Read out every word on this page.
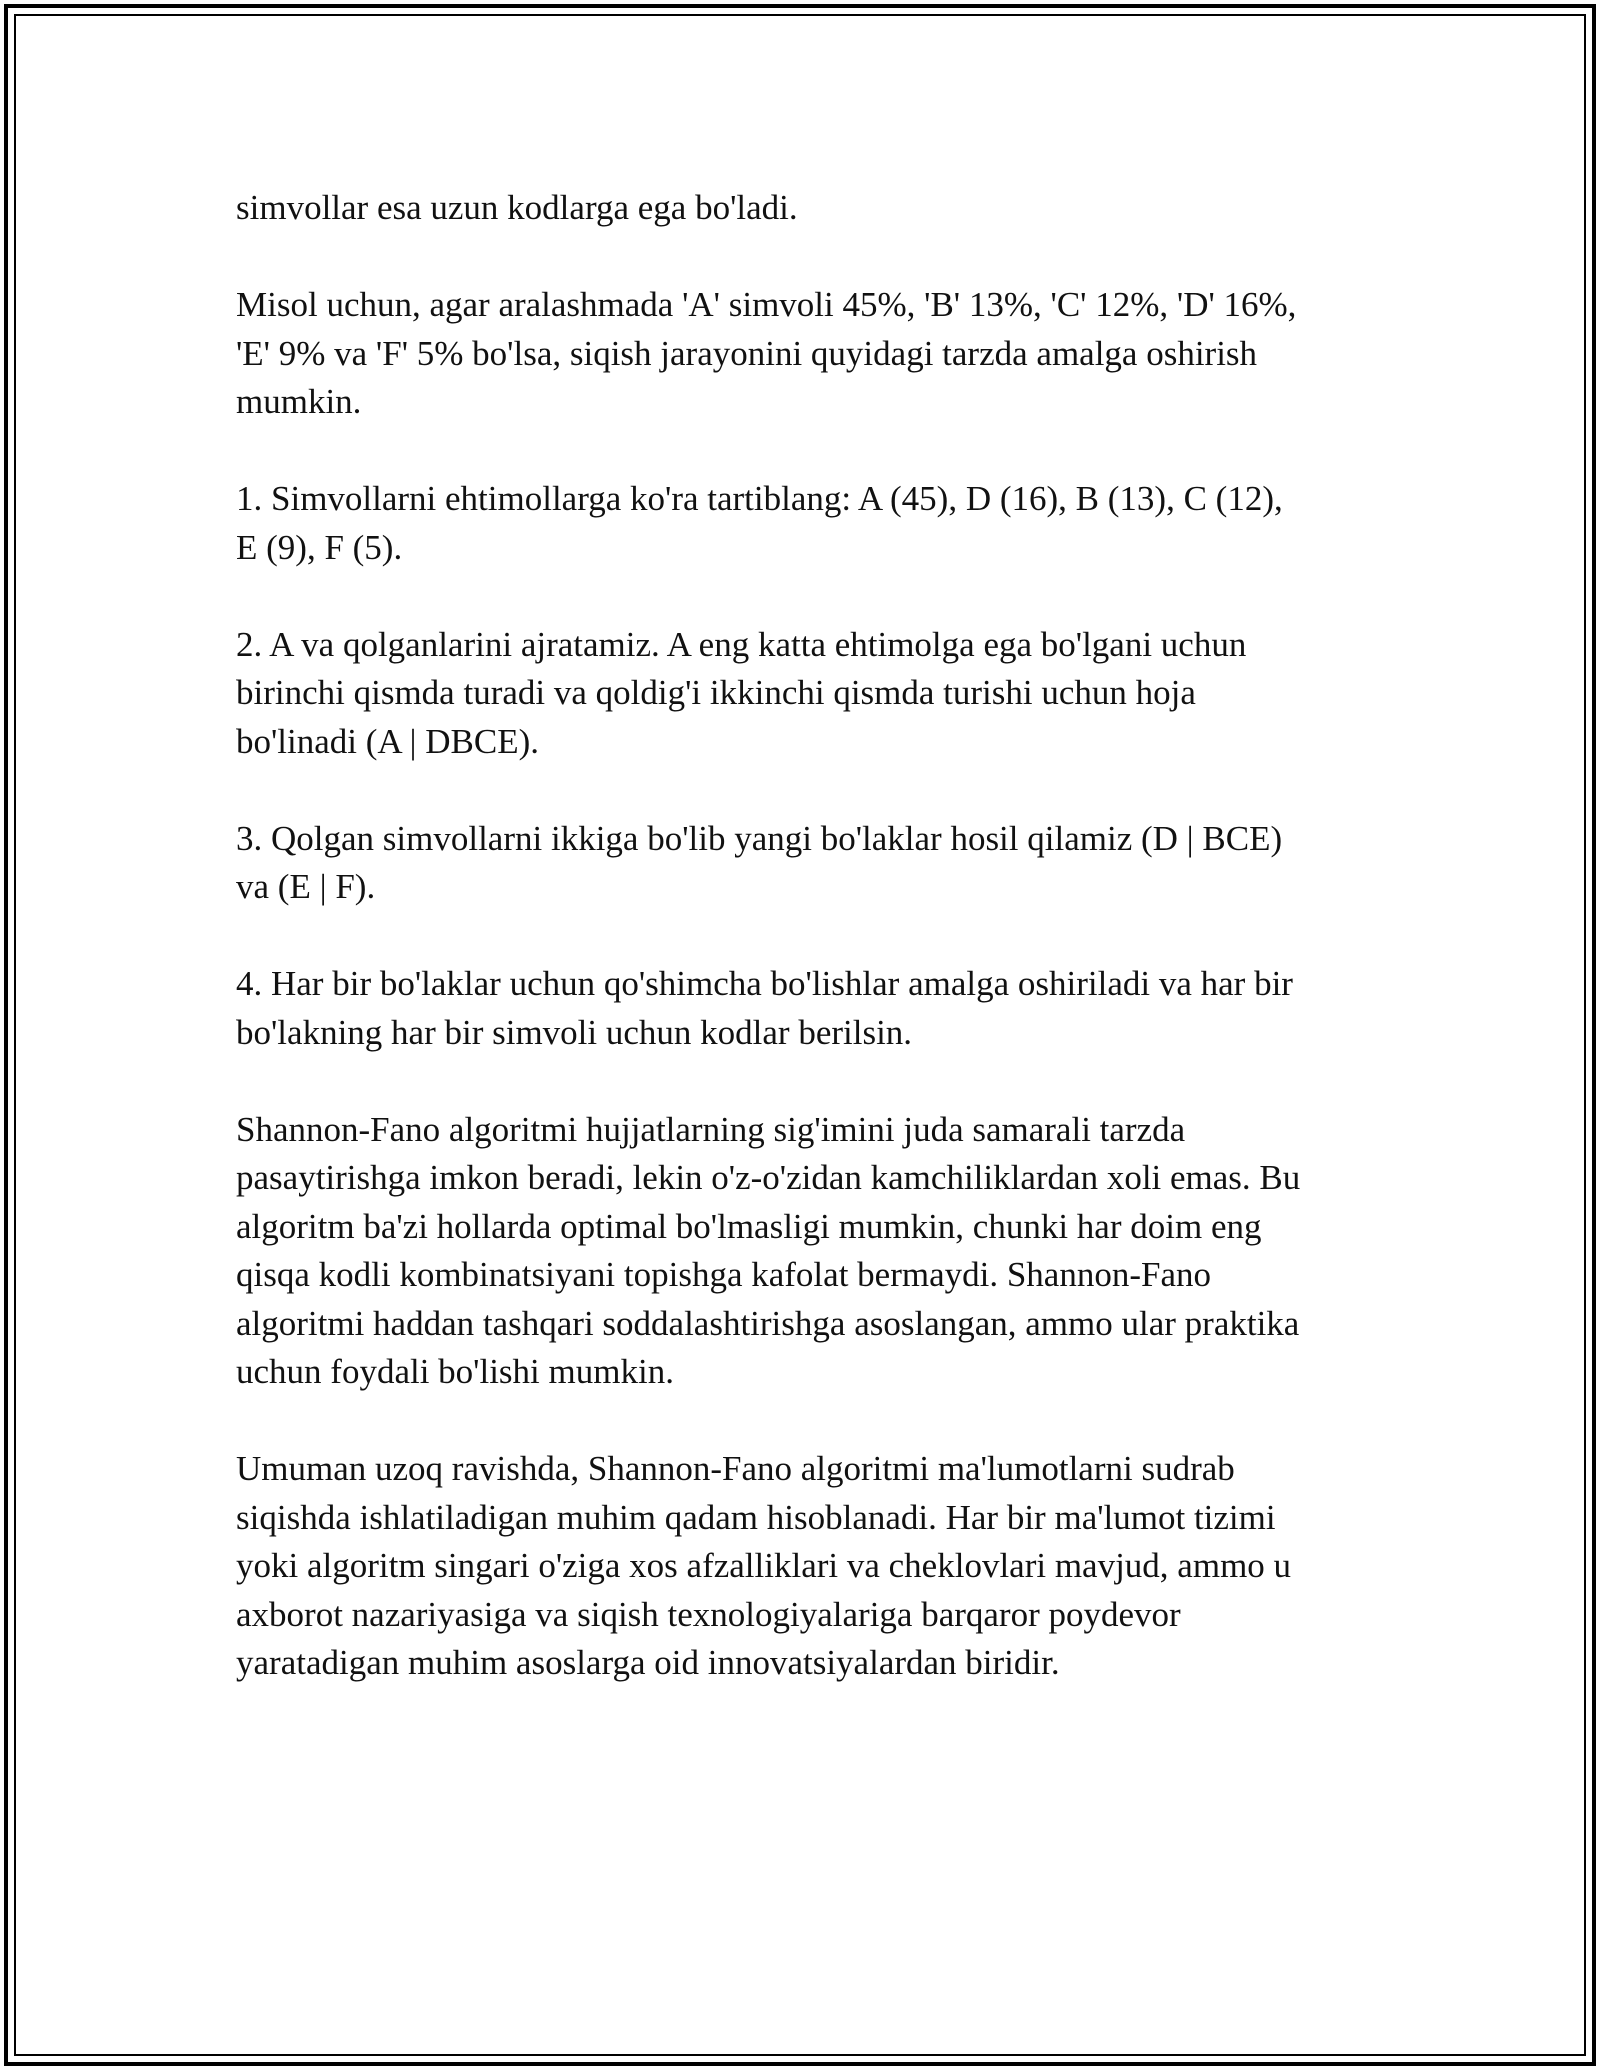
simvollar esa uzun kodlarga ega bo'ladi.

Misol uchun, agar aralashmada 'A' simvoli 45%, 'B' 13%, 'C' 12%, 'D' 16%,
'E' 9% va 'F' 5% bo'lsa, siqish jarayonini quyidagi tarzda amalga oshirish
mumkin.

1. Simvollarni ehtimollarga ko'ra tartiblang: A (45), D (16), B (13), C (12),
E (9), F (5).

2. A va qolganlarini ajratamiz. A eng katta ehtimolga ega bo'lgani uchun
birinchi qismda turadi va qoldig'i ikkinchi qismda turishi uchun hoja
bo'linadi (A | DBCE).

3. Qolgan simvollarni ikkiga bo'lib yangi bo'laklar hosil qilamiz (D | BCE)
va (E | F).

4. Har bir bo'laklar uchun qo'shimcha bo'lishlar amalga oshiriladi va har bir
bo'lakning har bir simvoli uchun kodlar berilsin.

Shannon-Fano algoritmi hujjatlarning sig'imini juda samarali tarzda
pasaytirishga imkon beradi, lekin o'z-o'zidan kamchiliklardan xoli emas. Bu
algoritm ba'zi hollarda optimal bo'lmasligi mumkin, chunki har doim eng
qisqa kodli kombinatsiyani topishga kafolat bermaydi. Shannon-Fano
algoritmi haddan tashqari soddalashtirishga asoslangan, ammo ular praktika
uchun foydali bo'lishi mumkin.

Umuman uzoq ravishda, Shannon-Fano algoritmi ma'lumotlarni sudrab
siqishda ishlatiladigan muhim qadam hisoblanadi. Har bir ma'lumot tizimi
yoki algoritm singari o'ziga xos afzalliklari va cheklovlari mavjud, ammo u
axborot nazariyasiga va siqish texnologiyalariga barqaror poydevor
yaratadigan muhim asoslarga oid innovatsiyalardan biridir.
